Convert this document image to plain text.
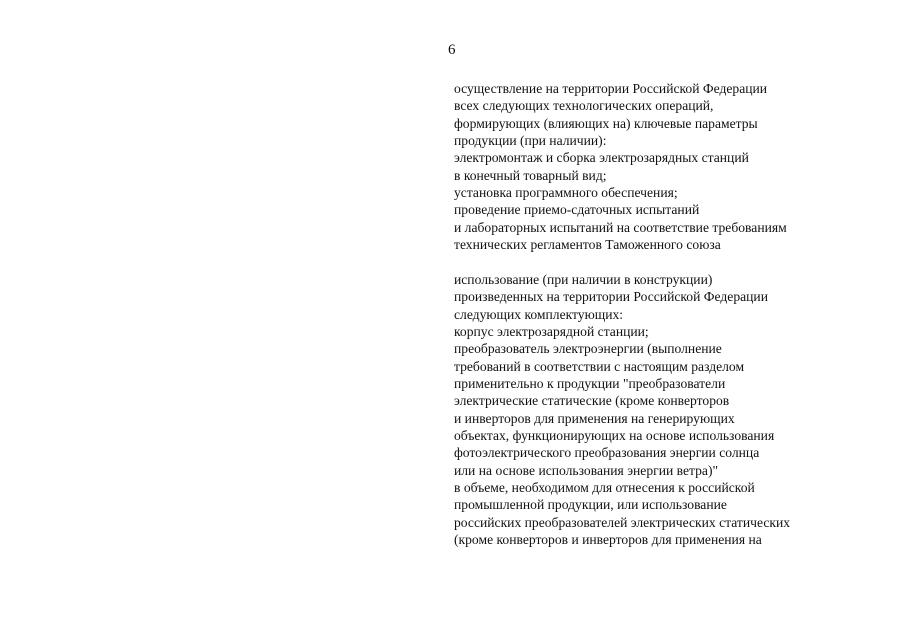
6
осуществление на территории Российской Федерации
всех следующих технологических операций,
формирующих (влияющих на) ключевые параметры
продукции (при наличии):
электромонтаж и сборка электрозарядных станций
в конечный товарный вид;
установка программного обеспечения;
проведение приемо-сдаточных испытаний
и лабораторных испытаний на соответствие требованиям
технических регламентов Таможенного союза
использование (при наличии в конструкции)
произведенных на территории Российской Федерации
следующих комплектующих:
корпус электрозарядной станции;
преобразователь электроэнергии (выполнение
требований в соответствии с настоящим разделом
применительно к продукции "преобразователи
электрические статические (кроме конверторов
и инверторов для применения на генерирующих
объектах, функционирующих на основе использования
фотоэлектрического преобразования энергии солнца
или на основе использования энергии ветра)"
в объеме, необходимом для отнесения к российской
промышленной продукции, или использование
российских преобразователей электрических статических
(кроме конверторов и инверторов для применения на
